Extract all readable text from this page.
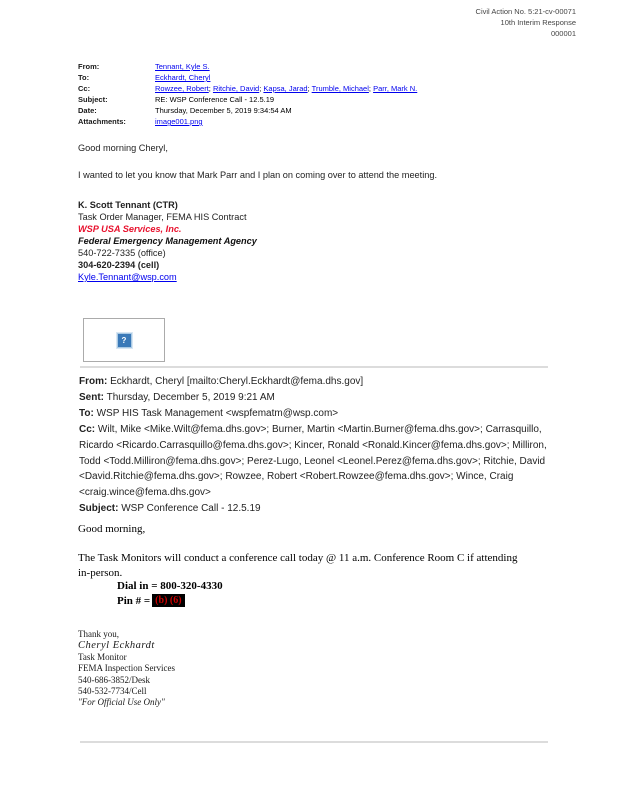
Civil Action No. 5:21-cv-00071
10th Interim Response
000001
From:	Tennant, Kyle S.
To:	Eckhardt, Cheryl
Cc:	Rowzee, Robert; Ritchie, David; Kapsa, Jarad; Trumble, Michael; Parr, Mark N.
Subject:	RE: WSP Conference Call - 12.5.19
Date:	Thursday, December 5, 2019 9:34:54 AM
Attachments:	image001.png
Good morning Cheryl,
I wanted to let you know that Mark Parr and I plan on coming over to attend the meeting.
K. Scott Tennant (CTR)
Task Order Manager, FEMA HIS Contract
WSP USA Services, Inc.
Federal Emergency Management Agency
540-722-7335 (office)
304-620-2394 (cell)
Kyle.Tennant@wsp.com
?

From: Eckhardt, Cheryl [mailto:Cheryl.Eckhardt@fema.dhs.gov]

Sent: Thursday, December 5, 2019 9:21 AM

To: WSP HIS Task Management <wspfematm@wsp.com>

Cc: Wilt, Mike <Mike.Wilt@fema.dhs.gov>; Burner, Martin <Martin.Burner@fema.dhs.gov>; Carrasquillo, Ricardo <Ricardo.Carrasquillo@fema.dhs.gov>; Kincer, Ronald <Ronald.Kincer@fema.dhs.gov>; Milliron, Todd <Todd.Milliron@fema.dhs.gov>; Perez-Lugo, Leonel <Leonel.Perez@fema.dhs.gov>; Ritchie, David <David.Ritchie@fema.dhs.gov>; Rowzee, Robert <Robert.Rowzee@fema.dhs.gov>; Wince, Craig <craig.wince@fema.dhs.gov>

Subject: WSP Conference Call - 12.5.19

Good morning,
The Task Monitors will conduct a conference call today @ 11 a.m. Conference Room C if attending in-person.
Dial in = 800-320-4330
Pin # = (b) (6)
Thank you,
Cheryl Eckhardt
Task Monitor
FEMA Inspection Services
540-686-3852/Desk
540-532-7734/Cell
"For Official Use Only"
